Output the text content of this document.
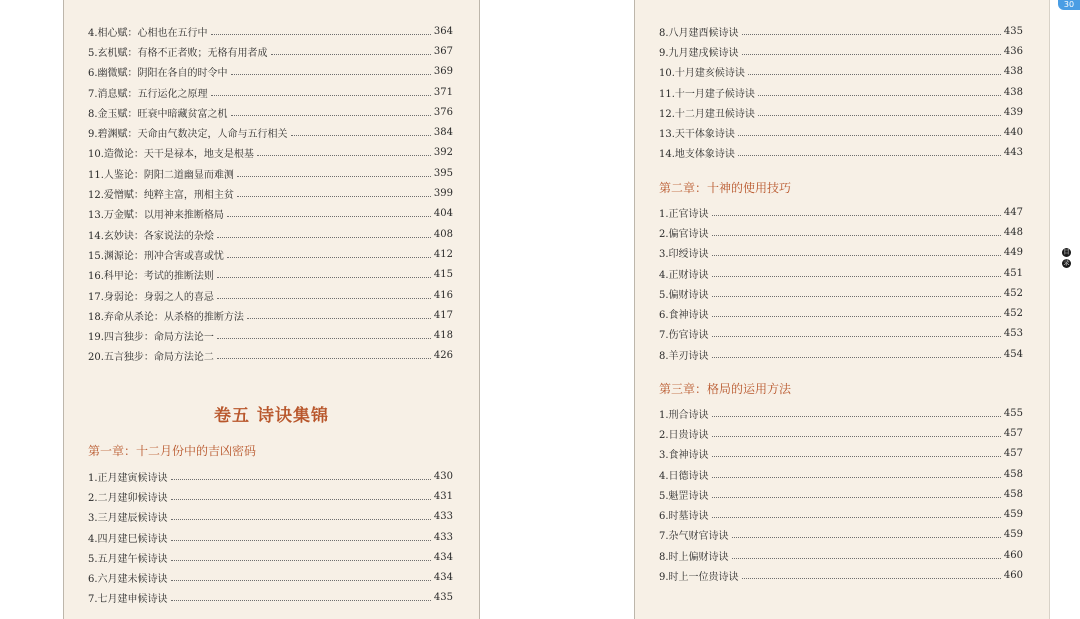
4.相心赋：心相也在五行中	364
5.玄机赋：有格不正者败；无格有用者成	367
6.幽微赋：阴阳在各自的时令中	369
7.消息赋：五行运化之原理	371
8.金玉赋：旺衰中暗藏贫富之机	376
9.碧渊赋：天命由气数决定，人命与五行相关	384
10.造微论：天干是禄本，地支是根基	392
11.人鉴论：阴阳二道幽显而难测	395
12.爱憎赋：纯粹主富，刑相主贫	399
13.万金赋：以用神来推断格局	404
14.玄妙诀：各家说法的杂烩	408
15.渊源论：刑冲合害或喜或忧	412
16.科甲论：考试的推断法则	415
17.身弱论：身弱之人的喜忌	416
18.弃命从杀论：从杀格的推断方法	417
19.四言独步：命局方法论一	418
20.五言独步：命局方法论二	426
卷五 诗诀集锦
第一章：十二月份中的吉凶密码
1.正月建寅候诗诀	430
2.二月建卯候诗诀	431
3.三月建辰候诗诀	433
4.四月建巳候诗诀	433
5.五月建午候诗诀	434
6.六月建未候诗诀	434
7.七月建申候诗诀	435
8.八月建酉候诗诀	435
9.九月建戌候诗诀	436
10.十月建亥候诗诀	438
11.十一月建子候诗诀	438
12.十二月建丑候诗诀	439
13.天干体象诗诀	440
14.地支体象诗诀	443
第二章：十神的使用技巧
1.正官诗诀	447
2.偏官诗诀	448
3.印绶诗诀	449
4.正财诗诀	451
5.偏财诗诀	452
6.食神诗诀	452
7.伤官诗诀	453
8.羊刃诗诀	454
第三章：格局的运用方法
1.刑合诗诀	455
2.日贵诗诀	457
3.食神诗诀	457
4.日德诗诀	458
5.魁罡诗诀	458
6.时墓诗诀	459
7.杂气财官诗诀	459
8.时上偏财诗诀	460
9.时上一位贵诗诀	460
目
录
30
